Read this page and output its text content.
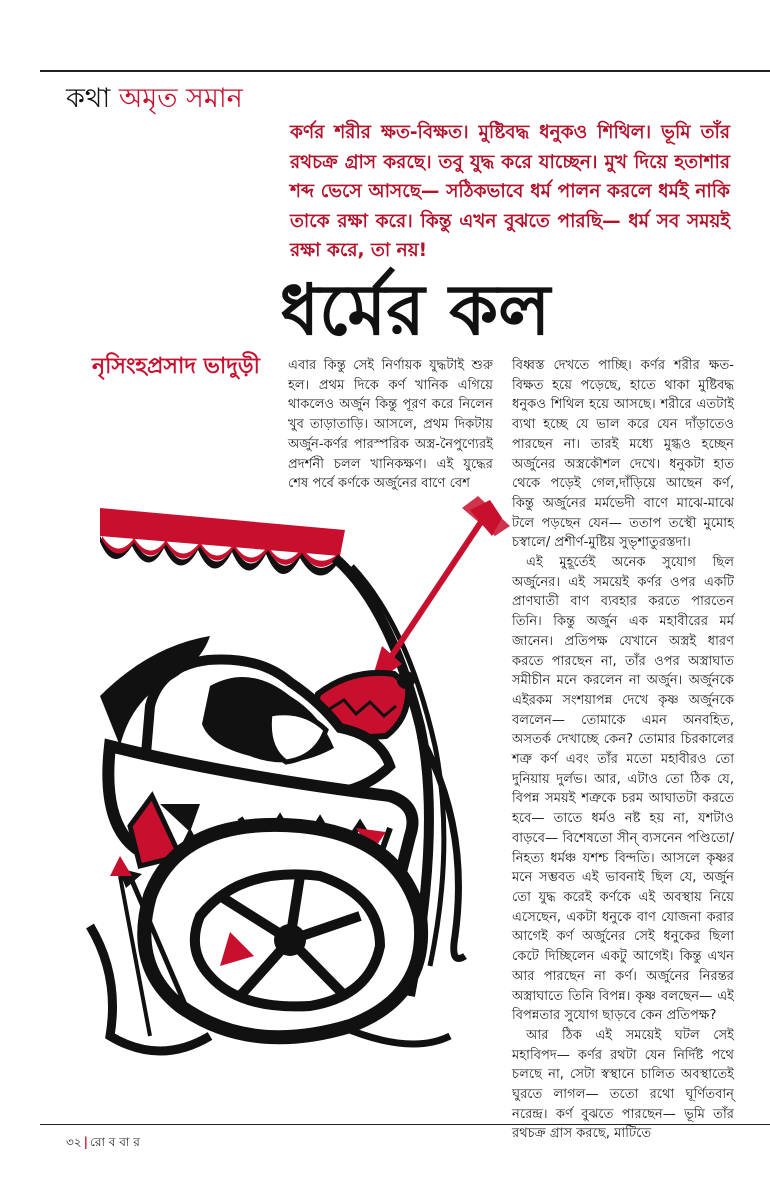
কথা অমৃত সমান
কর্ণর শরীর ক্ষত-বিক্ষত। মুষ্টিবদ্ধ ধনুকও শিথিল। ভূমি তাঁর রথচক্র গ্রাস করছে। তবু যুদ্ধ করে যাচ্ছেন। মুখ দিয়ে হতাশার শব্দ ভেসে আসছে— সঠিকভাবে ধর্ম পালন করলে ধর্মই নাকি তাকে রক্ষা করে। কিন্তু এখন বুঝতে পারছি— ধর্ম সব সময়ই রক্ষা করে, তা নয়!
ধর্মের কল
নৃসিংহপ্রসাদ ভাদুড়ী এবার কিন্তু সেই নির্ণায়ক যুদ্ধটাই শুরু হল। প্রথম দিকে কর্ণ খানিক এগিয়ে থাকলেও অর্জুন কিন্তু পূরণ করে নিলেন খুব তাড়াতাড়ি। আসলে, প্রথম দিকটায় অর্জুন-কর্ণর পারস্পরিক অস্ত্র-নৈপুণ্যেরই প্রদর্শনী চলল খানিকক্ষণ। এই যুদ্ধের শেষ পর্বে কর্ণকে অর্জুনের বাণে বেশ

বিধ্বস্ত দেখতে পাচ্ছি। কর্ণর শরীর ক্ষত-বিক্ষত হয়ে পড়েছে, হাতে থাকা মুষ্টিবদ্ধ ধনুকও শিথিল হয়ে আসছে। শরীরে এতটাই ব্যথা হচ্ছে যে ভাল করে যেন দাঁড়াতেও পারছেন না। তারই মধ্যে মুগ্ধও হচ্ছেন অর্জুনের অস্ত্রকৌশল দেখে। ধনুকটা হাত থেকে পড়েই গেল,দাঁড়িয়ে আছেন কর্ণ, কিন্তু অর্জুনের মর্মভেদী বাণে মাঝে-মাঝে টলে পড়ছেন যেন— ততাপ তস্থৌ মুমোহ চস্বালে/ প্রশীর্ণ-মুষ্টিয় সুভৃশাতুরস্তদা।

এই মুহূর্তেই অনেক সুযোগ ছিল অর্জুনের। এই সময়েই কর্ণর ওপর একটি প্রাণঘাতী বাণ ব্যবহার করতে পারতেন তিনি। কিন্তু অর্জুন এক মহাবীরের মর্ম জানেন। প্রতিপক্ষ যেখানে অস্ত্রই ধারণ করতে পারছেন না, তাঁর ওপর অস্ত্রাঘাত সমীচীন মনে করলেন না অর্জুন। অর্জুনকে এইরকম সংশয়াপন্ন দেখে কৃষ্ণ অর্জুনকে বললেন— তোমাকে এমন অনবহিত, অসতর্ক দেখাচ্ছে কেন? তোমার চিরকালের শত্রু কর্ণ এবং তাঁর মতো মহাবীরও তো দুনিয়ায় দুর্লভ। আর, এটাও তো ঠিক যে, বিপন্ন সময়ই শত্রুকে চরম আঘাতটা করতে হবে— তাতে ধর্মও নষ্ট হয় না, যশটাও বাড়বে— বিশেষতো সীন্ ব্যসনেন পণ্ডিতো/ নিহত্য ধর্মঞ্চ যশশ্চ বিন্দতি। আসলে কৃষ্ণর মনে সম্ভবত এই ভাবনাই ছিল যে, অর্জুন তো যুদ্ধ করেই কর্ণকে এই অবস্থায় নিয়ে এসেছেন, একটা ধনুকে বাণ যোজনা করার আগেই কর্ণ অর্জুনের সেই ধনুকের ছিলা কেটে দিচ্ছিলেন একটু আগেই। কিন্তু এখন আর পারছেন না কর্ণ। অর্জুনের নিরন্তর অস্ত্রাঘাতে তিনি বিপন্ন। কৃষ্ণ বলছেন— এই বিপন্নতার সুযোগ ছাড়বে কেন প্রতিপক্ষ?

আর ঠিক এই সময়েই ঘটল সেই মহাবিপদ— কর্ণর রথটা যেন নির্দিষ্ট পথে চলছে না, সেটা স্বস্থানে চালিত অবস্থাতেই ঘুরতে লাগল— ততো রথো ঘূর্ণিতবান্ নরেন্দ্র। কর্ণ বুঝতে পারছেন— ভূমি তাঁর রথচক্র গ্রাস করছে, মাটিতে

৩২ | রো ব বা র
